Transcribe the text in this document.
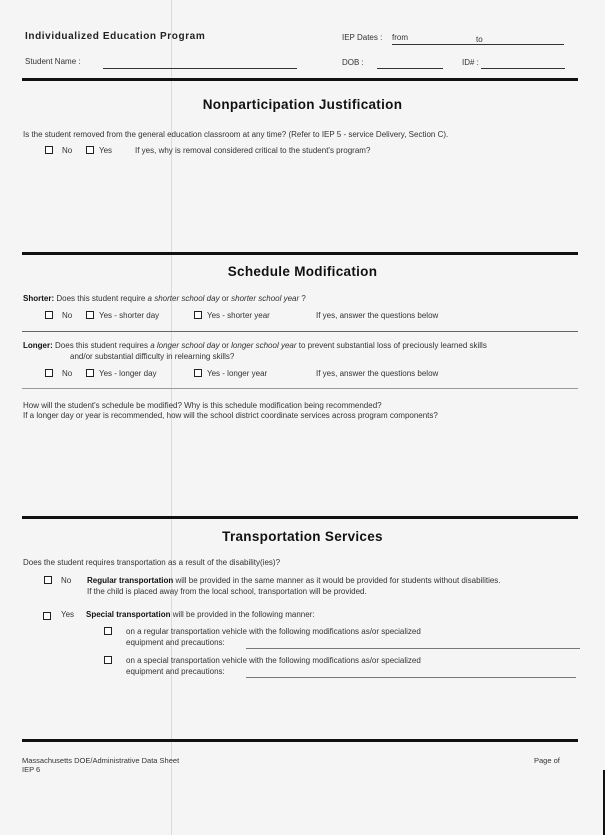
Individualized Education Program	IEP Dates : from	to
Student Name :	DOB :	ID# :
Nonparticipation Justification
Is the student removed from the general education classroom at any time? (Refer to IEP 5 - service Delivery, Section C).
No	Yes	If yes, why is removal considered critical to the student's program?
Schedule Modification
Shorter: Does this student require a shorter school day or shorter school year ?
No	Yes - shorter day	Yes - shorter year	If yes, answer the questions below
Longer: Does this student requires a longer school day or longer school year to prevent substantial loss of preciously learned skills
and/or substantial difficulty in relearning skills?
No	Yes - longer day	Yes - longer year	If yes, answer the questions below
How will the student's schedule be modified? Why is this schedule modification being recommended?
If a longer day or year is recommended, how will the school district coordinate services across program components?
Transportation Services
Does the student requires transportation as a result of the disability(ies)?
No Regular transportation will be provided in the same manner as it would be provided for students without disabilities.
If the child is placed away from the local school, transportation will be provided.
Yes Special transportation will be provided in the following manner:
on a regular transportation vehicle with the following modifications as/or specialized
equipment and precautions:
on a special transportation vehicle with the following modifications as/or specialized
equipment and precautions:
Massachusetts DOE/Administrative Data Sheet
IEP 6
Page of
